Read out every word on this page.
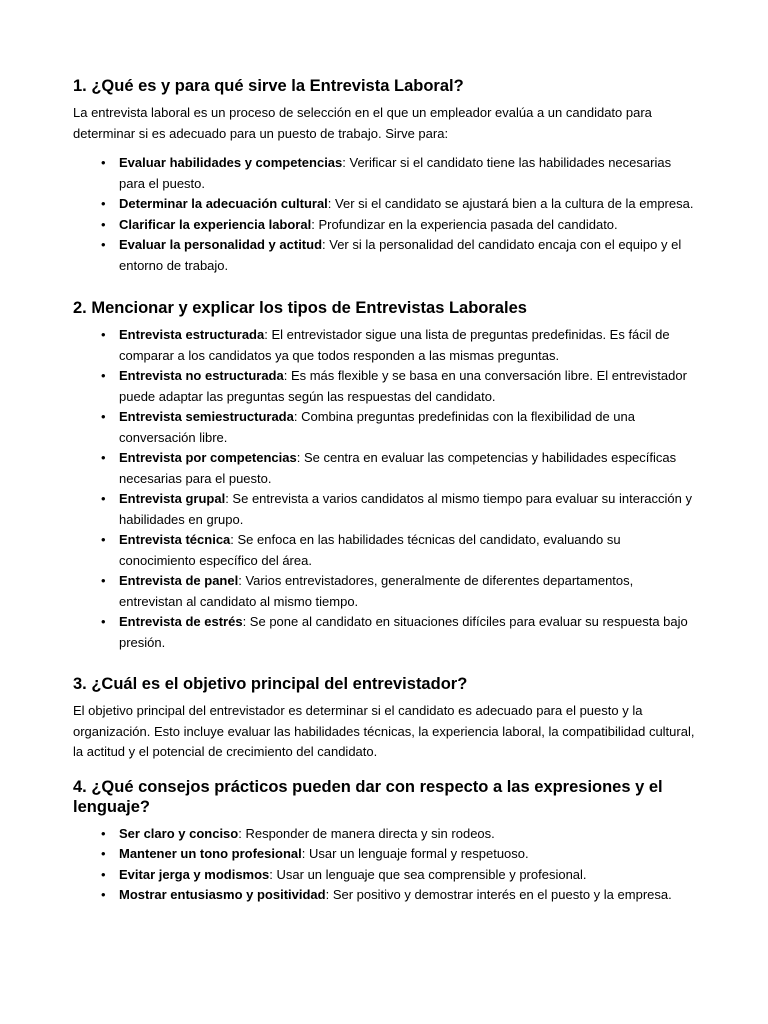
1. ¿Qué es y para qué sirve la Entrevista Laboral?

La entrevista laboral es un proceso de selección en el que un empleador evalúa a un candidato para determinar si es adecuado para un puesto de trabajo. Sirve para:

• Evaluar habilidades y competencias: Verificar si el candidato tiene las habilidades necesarias para el puesto.
• Determinar la adecuación cultural: Ver si el candidato se ajustará bien a la cultura de la empresa.
• Clarificar la experiencia laboral: Profundizar en la experiencia pasada del candidato.
• Evaluar la personalidad y actitud: Ver si la personalidad del candidato encaja con el equipo y el entorno de trabajo.
2. Mencionar y explicar los tipos de Entrevistas Laborales
• Entrevista estructurada: El entrevistador sigue una lista de preguntas predefinidas. Es fácil de comparar a los candidatos ya que todos responden a las mismas preguntas.
• Entrevista no estructurada: Es más flexible y se basa en una conversación libre. El entrevistador puede adaptar las preguntas según las respuestas del candidato.
• Entrevista semiestructurada: Combina preguntas predefinidas con la flexibilidad de una conversación libre.
• Entrevista por competencias: Se centra en evaluar las competencias y habilidades específicas necesarias para el puesto.
• Entrevista grupal: Se entrevista a varios candidatos al mismo tiempo para evaluar su interacción y habilidades en grupo.
• Entrevista técnica: Se enfoca en las habilidades técnicas del candidato, evaluando su conocimiento específico del área.
• Entrevista de panel: Varios entrevistadores, generalmente de diferentes departamentos, entrevistan al candidato al mismo tiempo.
• Entrevista de estrés: Se pone al candidato en situaciones difíciles para evaluar su respuesta bajo presión.
3. ¿Cuál es el objetivo principal del entrevistador?

El objetivo principal del entrevistador es determinar si el candidato es adecuado para el puesto y la organización. Esto incluye evaluar las habilidades técnicas, la experiencia laboral, la compatibilidad cultural, la actitud y el potencial de crecimiento del candidato.

4. ¿Qué consejos prácticos pueden dar con respecto a las expresiones y el lenguaje?
• Ser claro y conciso: Responder de manera directa y sin rodeos.
• Mantener un tono profesional: Usar un lenguaje formal y respetuoso.
• Evitar jerga y modismos: Usar un lenguaje que sea comprensible y profesional.
• Mostrar entusiasmo y positividad: Ser positivo y demostrar interés en el puesto y la empresa.
